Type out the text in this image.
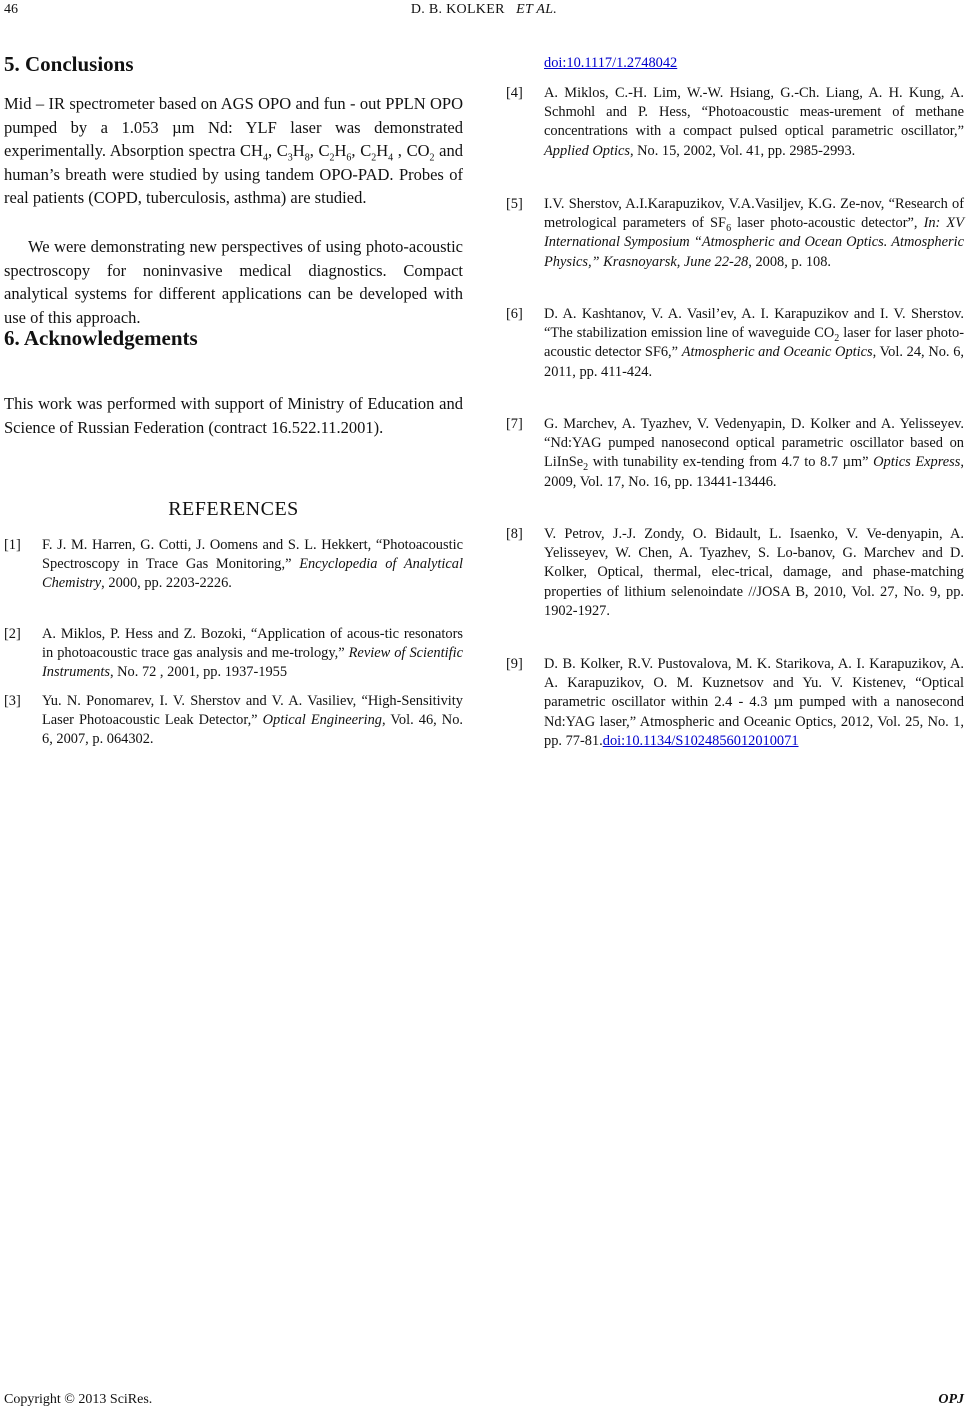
46	D. B. KOLKER ET AL.
5. Conclusions

Mid – IR spectrometer based on AGS OPO and fun - out PPLN OPO pumped by a 1.053 µm Nd: YLF laser was demonstrated experimentally. Absorption spectra $CH_4$, $C_3H_8$, $C_2H_6$, $C_2H_4$ , $CO_2$ and human’s breath were studied by using tandem OPO-PAD. Probes of real patients (COPD, tuberculosis, asthma) are studied.

We were demonstrating new perspectives of using photo-acoustic spectroscopy for noninvasive medical diagnostics. Compact analytical systems for different applications can be developed with use of this approach.

6. Acknowledgements

This work was performed with support of Ministry of Education and Science of Russian Federation (contract 16.522.11.2001).

REFERENCES
[1] F. J. M. Harren, G. Cotti, J. Oomens and S. L. Hekkert, “Photoacoustic Spectroscopy in Trace Gas Monitoring,” Encyclopedia of Analytical Chemistry, 2000, pp. 2203-2226.
[2] A. Miklos, P. Hess and Z. Bozoki, “Application of acous-tic resonators in photoacoustic trace gas analysis and me-trology,” Review of Scientific Instruments, No. 72 , 2001, pp. 1937-1955
[3] Yu. N. Ponomarev, I. V. Sherstov and V. A. Vasiliev, “High-Sensitivity Laser Photoacoustic Leak Detector,” Optical Engineering, Vol. 46, No. 6, 2007, p. 064302.
doi:10.1117/1.2748042
[4] A. Miklos, C.-H. Lim, W.-W. Hsiang, G.-Ch. Liang, A. H. Kung, A. Schmohl and P. Hess, “Photoacoustic meas-urement of methane concentrations with a compact pulsed optical parametric oscillator,” Applied Optics, No. 15, 2002, Vol. 41, pp. 2985-2993.
[5] I.V. Sherstov, A.I.Karapuzikov, V.A.Vasiljev, K.G. Ze-nov, “Research of metrological parameters of $SF_6$ laser photo-acoustic detector”, In: XV International Symposium “Atmospheric and Ocean Optics. Atmospheric Physics,” Krasnoyarsk, June 22-28, 2008, p. 108.
[6] D. A. Kashtanov, V. A. Vasil’ev, A. I. Karapuzikov and I. V. Sherstov. “The stabilization emission line of waveguide $CO_2$ laser for laser photo-acoustic detector SF6,” Atmospheric and Oceanic Optics, Vol. 24, No. 6, 2011, pp. 411-424.
[7] G. Marchev, A. Tyazhev, V. Vedenyapin, D. Kolker and A. Yelisseyev. “Nd:YAG pumped nanosecond optical parametric oscillator based on LiInSe$_2$ with tunability ex-tending from 4.7 to 8.7 µm” Optics Express, 2009, Vol. 17, No. 16, pp. 13441-13446.
[8] V. Petrov, J.-J. Zondy, O. Bidault, L. Isaenko, V. Ve-denyapin, A. Yelisseyev, W. Chen, A. Tyazhev, S. Lo-banov, G. Marchev and D. Kolker, Optical, thermal, elec-trical, damage, and phase-matching properties of lithium selenoindate //JOSA B, 2010, Vol. 27, No. 9, pp. 1902-1927.
[9] D. B. Kolker, R.V. Pustovalova, M. K. Starikova, A. I. Karapuzikov, A. A. Karapuzikov, O. M. Kuznetsov and Yu. V. Kistenev, “Optical parametric oscillator within 2.4 - 4.3 µm pumped with a nanosecond Nd:YAG laser,” Atmospheric and Oceanic Optics, 2012, Vol. 25, No. 1, pp. 77-81.doi:10.1134/S1024856012010071
Copyright © 2013 SciRes.	OPJ
